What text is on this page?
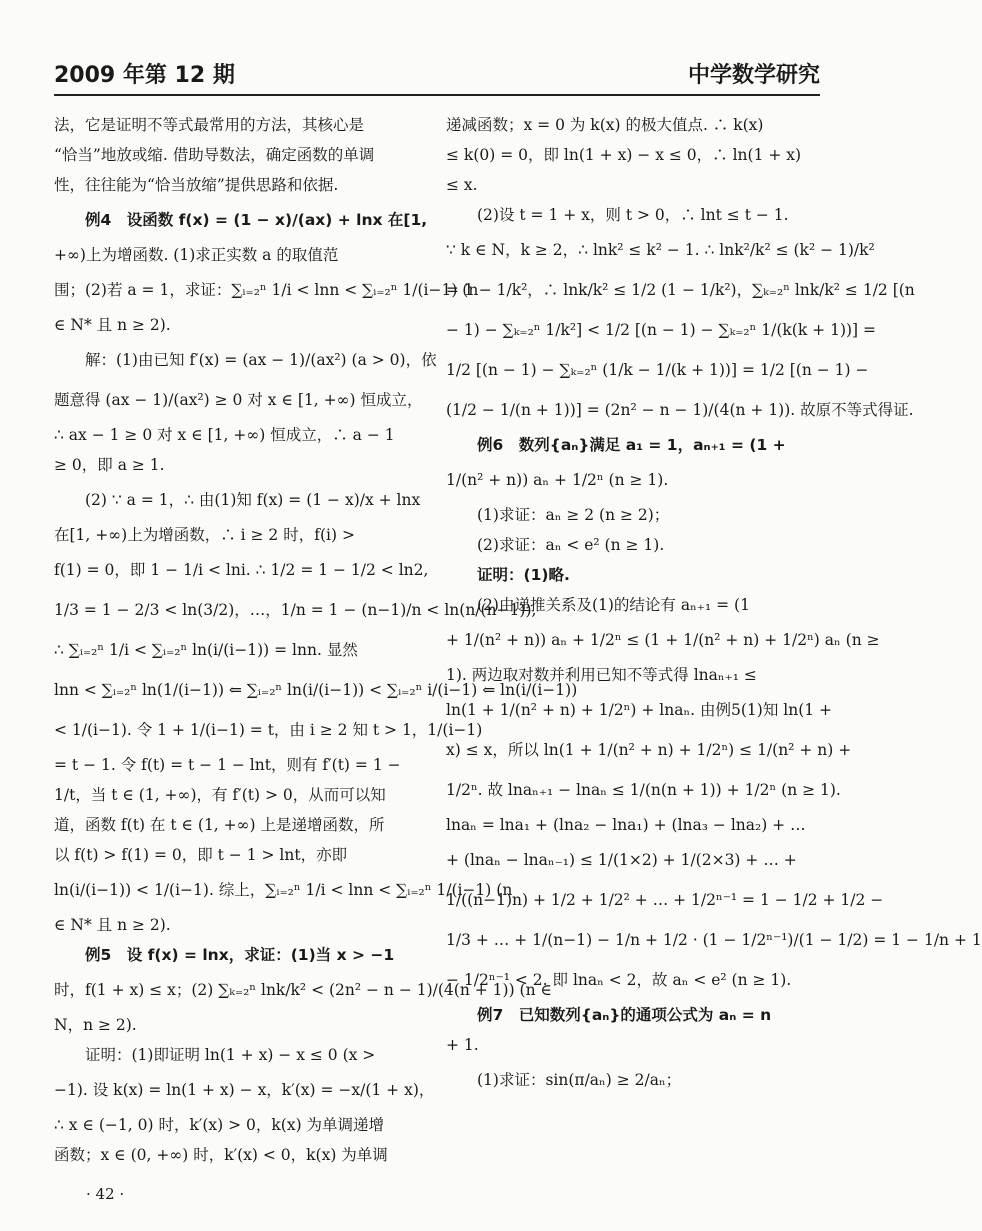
2009 年第 12 期	中学数学研究
法，它是证明不等式最常用的方法，其核心是
“恰当”地放或缩. 借助导数法，确定函数的单调
性，往往能为“恰当放缩”提供思路和依据.
例4　设函数 f(x) = (1 − x)/(ax) + lnx 在[1,
+∞)上为增函数. (1)求正实数 a 的取值范
围；(2)若 a = 1，求证：∑ᵢ₌₂ⁿ 1/i < lnn < ∑ᵢ₌₂ⁿ 1/(i−1) (n
∈ N* 且 n ≥ 2).
解：(1)由已知 f′(x) = (ax − 1)/(ax²) (a > 0)，依
题意得 (ax − 1)/(ax²) ≥ 0 对 x ∈ [1, +∞) 恒成立，
∴ ax − 1 ≥ 0 对 x ∈ [1, +∞) 恒成立，∴ a − 1
≥ 0，即 a ≥ 1.
(2) ∵ a = 1，∴ 由(1)知 f(x) = (1 − x)/x + lnx
在[1, +∞)上为增函数，∴ i ≥ 2 时，f(i) >
f(1) = 0，即 1 − 1/i < lni. ∴ 1/2 = 1 − 1/2 < ln2,
1/3 = 1 − 2/3 < ln(3/2)，…，1/n = 1 − (n−1)/n < ln(n/(n−1)),
∴ ∑ᵢ₌₂ⁿ 1/i < ∑ᵢ₌₂ⁿ ln(i/(i−1)) = lnn. 显然
lnn < ∑ᵢ₌₂ⁿ ln(1/(i−1)) ⇐ ∑ᵢ₌₂ⁿ ln(i/(i−1)) < ∑ᵢ₌₂ⁿ i/(i−1) ⇐ ln(i/(i−1))
< 1/(i−1). 令 1 + 1/(i−1) = t，由 i ≥ 2 知 t > 1，1/(i−1)
= t − 1. 令 f(t) = t − 1 − lnt，则有 f′(t) = 1 −
1/t，当 t ∈ (1, +∞)，有 f′(t) > 0，从而可以知
道，函数 f(t) 在 t ∈ (1, +∞) 上是递增函数，所
以 f(t) > f(1) = 0，即 t − 1 > lnt，亦即
ln(i/(i−1)) < 1/(i−1). 综上，∑ᵢ₌₂ⁿ 1/i < lnn < ∑ᵢ₌₂ⁿ 1/(i−1) (n
∈ N* 且 n ≥ 2).
例5　设 f(x) = lnx，求证：(1)当 x > −1
时，f(1 + x) ≤ x；(2) ∑ₖ₌₂ⁿ lnk/k² < (2n² − n − 1)/(4(n + 1)) (n ∈
N，n ≥ 2).
证明：(1)即证明 ln(1 + x) − x ≤ 0 (x >
−1). 设 k(x) = ln(1 + x) − x，k′(x) = −x/(1 + x)，
∴ x ∈ (−1, 0) 时，k′(x) > 0，k(x) 为单调递增
函数；x ∈ (0, +∞) 时，k′(x) < 0，k(x) 为单调
递减函数；x = 0 为 k(x) 的极大值点. ∴ k(x)
≤ k(0) = 0，即 ln(1 + x) − x ≤ 0，∴ ln(1 + x)
≤ x.
(2)设 t = 1 + x，则 t > 0，∴ lnt ≤ t − 1.
∵ k ∈ N，k ≥ 2，∴ lnk² ≤ k² − 1. ∴ lnk²/k² ≤ (k² − 1)/k²
= 1 − 1/k²，∴ lnk/k² ≤ 1/2 (1 − 1/k²)，∑ₖ₌₂ⁿ lnk/k² ≤ 1/2 [(n
− 1) − ∑ₖ₌₂ⁿ 1/k²] < 1/2 [(n − 1) − ∑ₖ₌₂ⁿ 1/(k(k + 1))] =
1/2 [(n − 1) − ∑ₖ₌₂ⁿ (1/k − 1/(k + 1))] = 1/2 [(n − 1) −
(1/2 − 1/(n + 1))] = (2n² − n − 1)/(4(n + 1)). 故原不等式得证.
例6　数列{aₙ}满足 a₁ = 1，aₙ₊₁ = (1 +
1/(n² + n)) aₙ + 1/2ⁿ (n ≥ 1).
(1)求证：aₙ ≥ 2 (n ≥ 2)；
(2)求证：aₙ < e² (n ≥ 1).
证明：(1)略.
(2)由递推关系及(1)的结论有 aₙ₊₁ = (1
+ 1/(n² + n)) aₙ + 1/2ⁿ ≤ (1 + 1/(n² + n) + 1/2ⁿ) aₙ (n ≥
1). 两边取对数并利用已知不等式得 lnaₙ₊₁ ≤
ln(1 + 1/(n² + n) + 1/2ⁿ) + lnaₙ. 由例5(1)知 ln(1 +
x) ≤ x，所以 ln(1 + 1/(n² + n) + 1/2ⁿ) ≤ 1/(n² + n) +
1/2ⁿ. 故 lnaₙ₊₁ − lnaₙ ≤ 1/(n(n + 1)) + 1/2ⁿ (n ≥ 1).
lnaₙ = lna₁ + (lna₂ − lna₁) + (lna₃ − lna₂) + …
+ (lnaₙ − lnaₙ₋₁) ≤ 1/(1×2) + 1/(2×3) + … +
1/((n−1)n) + 1/2 + 1/2² + … + 1/2ⁿ⁻¹ = 1 − 1/2 + 1/2 −
1/3 + … + 1/(n−1) − 1/n + 1/2 · (1 − 1/2ⁿ⁻¹)/(1 − 1/2) = 1 − 1/n + 1
− 1/2ⁿ⁻¹ < 2. 即 lnaₙ < 2，故 aₙ < e² (n ≥ 1).
例7　已知数列{aₙ}的通项公式为 aₙ = n
+ 1.
(1)求证：sin(π/aₙ) ≥ 2/aₙ；
· 42 ·
